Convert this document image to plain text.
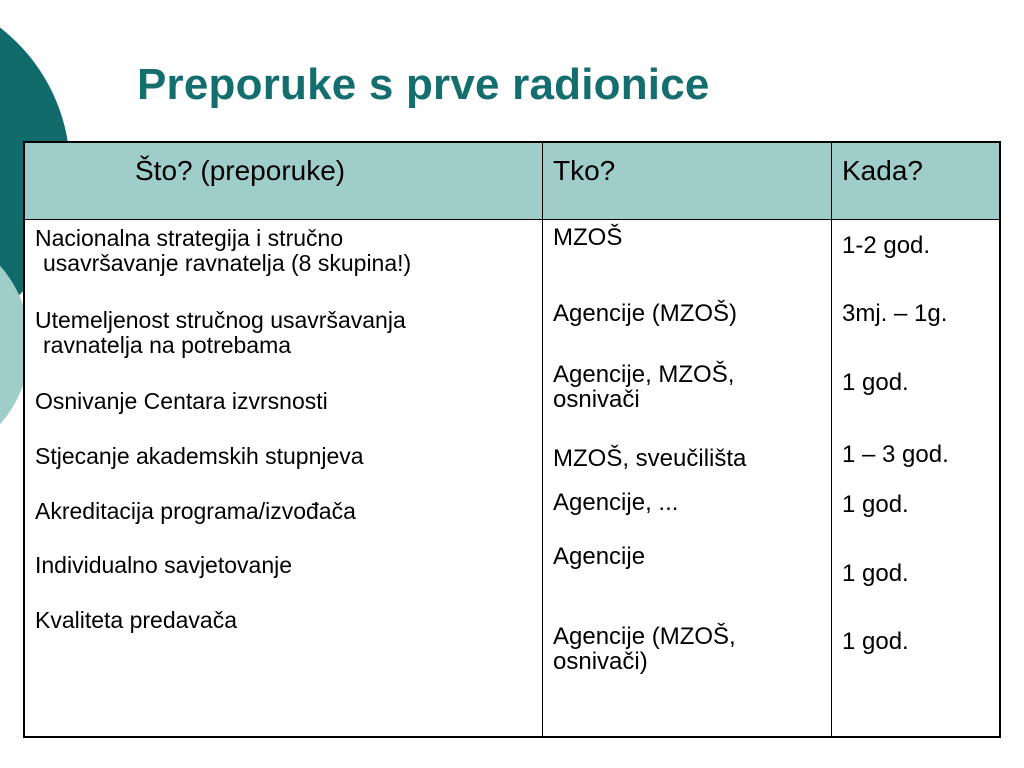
Preporuke s prve radionice
Što? (preporuke)	Tko?	Kada?
Nacionalna strategija i stručno
usavršavanje ravnatelja (8 skupina!)
Utemeljenost stručnog usavršavanja
ravnatelja na potrebama
Osnivanje Centara izvrsnosti
Stjecanje akademskih stupnjeva
Akreditacija programa/izvođača
Individualno savjetovanje
Kvaliteta predavača
MZOŠ
Agencije (MZOŠ)
Agencije, MZOŠ,
osnivači
MZOŠ, sveučilišta
Agencije, ...
Agencije
Agencije (MZOŠ,
osnivači)
1-2 god.
3mj. – 1g.
1 god.
1 – 3 god.
1 god.
1 god.
1 god.
